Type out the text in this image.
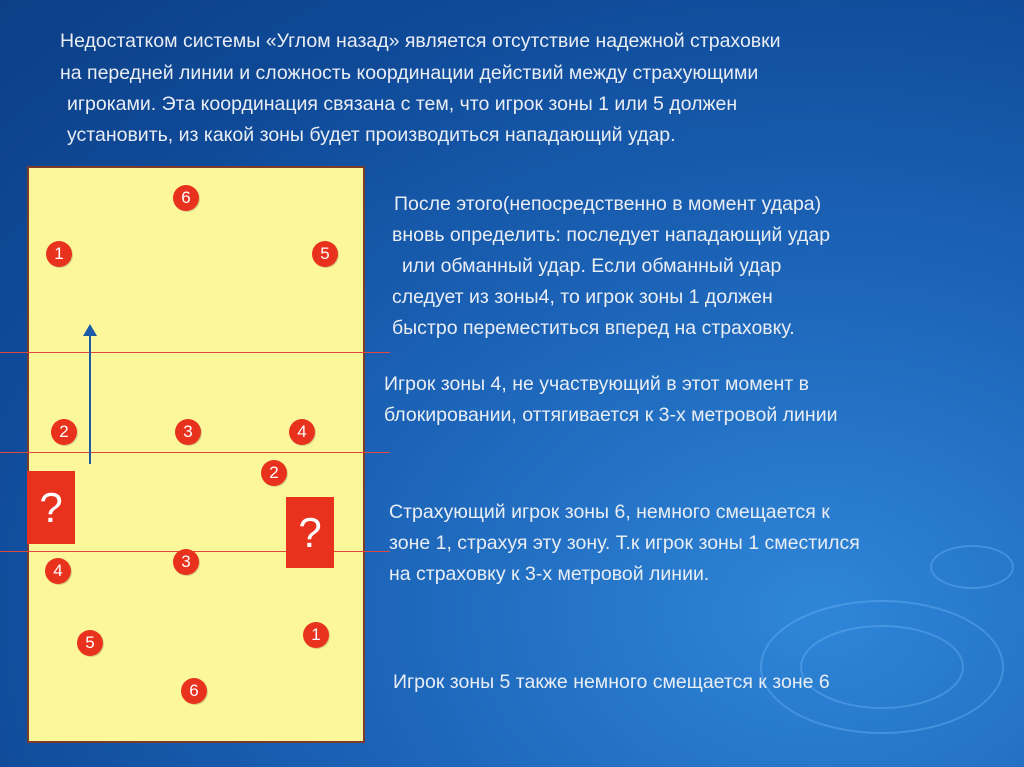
Недостатком системы «Углом назад» является отсутствие надежной страховки
на передней линии и сложность координации действий между страхующими
игроками. Эта координация связана с тем, что игрок зоны 1 или 5 должен
установить, из какой зоны будет производиться нападающий удар.
6
1	5
2	3	4
2
4	3
5	1
6
?
?
После этого(непосредственно в момент удара)
вновь определить: последует нападающий удар
или обманный удар. Если обманный удар
следует из зоны4, то игрок зоны 1 должен
быстро переместиться вперед на страховку.
Игрок зоны 4, не участвующий в этот момент в
блокировании, оттягивается к 3-х метровой линии
Страхующий игрок зоны 6, немного смещается к
зоне 1, страхуя эту зону. Т.к игрок зоны 1 сместился
на страховку к 3-х метровой линии.
Игрок зоны 5 также немного смещается к зоне 6
